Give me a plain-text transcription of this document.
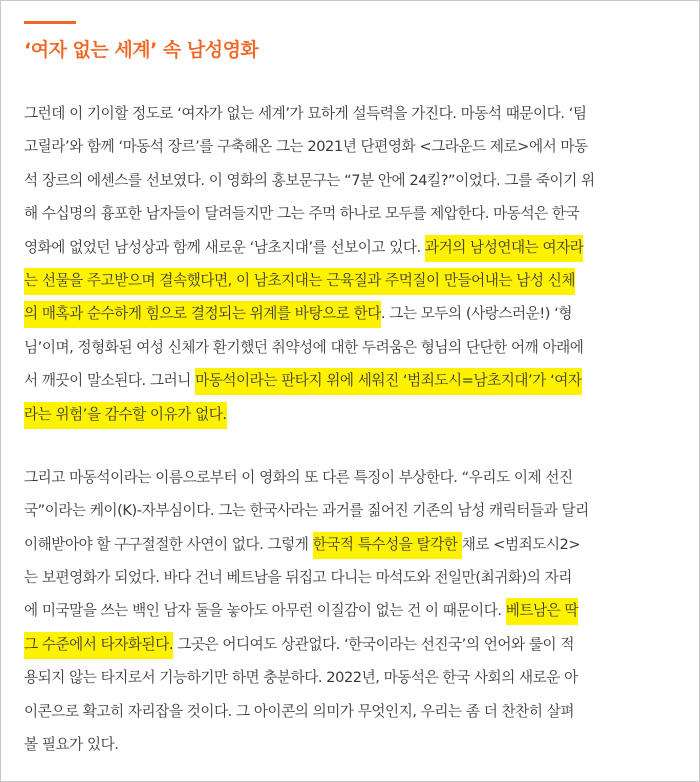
‘여자 없는 세계’ 속 남성영화
그런데 이 기이할 정도로 ‘여자가 없는 세계’가 묘하게 설득력을 가진다. 마동석 때문이다. ‘팀
고릴라’와 함께 ‘마동석 장르’를 구축해온 그는 2021년 단편영화 <그라운드 제로>에서 마동
석 장르의 에센스를 선보였다. 이 영화의 홍보문구는 “7분 안에 24킬?”이었다. 그를 죽이기 위
해 수십명의 흉포한 남자들이 달려들지만 그는 주먹 하나로 모두를 제압한다. 마동석은 한국
영화에 없었던 남성상과 함께 새로운 ‘남초지대’를 선보이고 있다. 과거의 남성연대는 여자라
는 선물을 주고받으며 결속했다면, 이 남초지대는 근육질과 주먹질이 만들어내는 남성 신체
의 매혹과 순수하게 힘으로 결정되는 위계를 바탕으로 한다. 그는 모두의 (사랑스러운!) ‘형
님’이며, 정형화된 여성 신체가 환기했던 취약성에 대한 두려움은 형님의 단단한 어깨 아래에
서 깨끗이 말소된다. 그러니 마동석이라는 판타지 위에 세워진 ‘범죄도시=남초지대’가 ‘여자
라는 위험’을 감수할 이유가 없다.
그리고 마동석이라는 이름으로부터 이 영화의 또 다른 특징이 부상한다. “우리도 이제 선진
국”이라는 케이(K)-자부심이다. 그는 한국사라는 과거를 짊어진 기존의 남성 캐릭터들과 달리
이해받아야 할 구구절절한 사연이 없다. 그렇게 한국적 특수성을 탈각한 채로 <범죄도시2>
는 보편영화가 되었다. 바다 건너 베트남을 뒤집고 다니는 마석도와 전일만(최귀화)의 자리
에 미국말을 쓰는 백인 남자 둘을 놓아도 아무런 이질감이 없는 건 이 때문이다. 베트남은 딱
그 수준에서 타자화된다. 그곳은 어디여도 상관없다. ‘한국이라는 선진국’의 언어와 룰이 적
용되지 않는 타지로서 기능하기만 하면 충분하다. 2022년, 마동석은 한국 사회의 새로운 아
이콘으로 확고히 자리잡을 것이다. 그 아이콘의 의미가 무엇인지, 우리는 좀 더 찬찬히 살펴
볼 필요가 있다.
